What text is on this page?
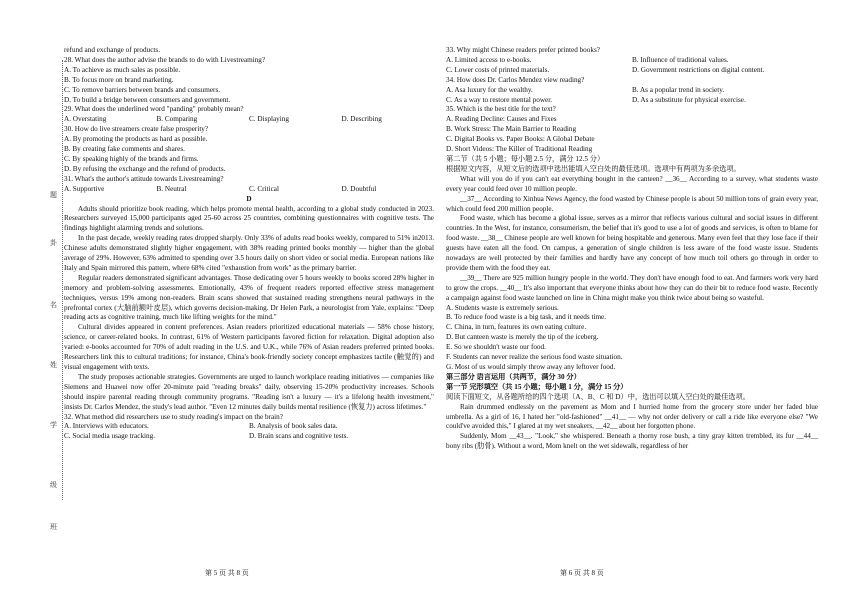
题
卦
名
姓
学
级
班
refund and exchange of products.
28. What does the author advise the brands to do with Livestreaming?
A. To achieve as much sales as possible.
B. To focus more on brand marketing.
C. To remove barriers between brands and consumers.
D. To build a bridge between consumers and government.
29. What does the underlined word "panding" probably mean?
A. Overstating	B. Comparing	C. Displaying	D. Describing
30. How do live streamers create false prosperity?
A. By promoting the products as hard as possible.
B. By creating fake comments and shares.
C. By speaking highly of the brands and firms.
D. By refusing the exchange and the refund of products.
31. What's the author's attitude towards Livestreaming?
A. Supportive	B. Neutral	C. Critical	D. Doubtful
D
Adults should prioritize book reading, which helps promote mental health, according to a global study conducted in 2023. Researchers surveyed 15,000 participants aged 25-60 across 25 countries, combining questionnaires with cognitive tests. The findings highlight alarming trends and solutions.
In the past decade, weekly reading rates dropped sharply. Only 33% of adults read books weekly, compared to 51% in2013. Chinese adults demonstrated slightly higher engagement, with 38% reading printed books monthly — higher than the global average of 29%. However, 63% admitted to spending over 3.5 hours daily on short video or social media. European nations like Italy and Spain mirrored this pattern, where 68% cited "exhaustion from work" as the primary barrier.
Regular readers demonstrated significant advantages. Those dedicating over 5 hours weekly to books scored 28% higher in memory and problem-solving assessments. Emotionally, 43% of frequent readers reported effective stress management techniques, versus 19% among non-readers. Brain scans showed that sustained reading strengthens neural pathways in the prefrontal cortex (大脑前额叶皮层), which governs decision-making. Dr Helen Park, a neurologist from Yale, explains: "Deep reading acts as cognitive training, much like lifting weights for the mind."
Cultural divides appeared in content preferences. Asian readers prioritized educational materials — 58% chose history, science, or career-related books. In contrast, 61% of Western participants favored fiction for relaxation. Digital adoption also varied: e-books accounted for 70% of adult reading in the U.S. and U.K., while 76% of Asian readers preferred printed books. Researchers link this to cultural traditions; for instance, China's book-friendly society concept emphasizes tactile (触觉的) and visual engagement with texts.
The study proposes actionable strategies. Governments are urged to launch workplace reading initiatives — companies like Siemens and Huawei now offer 20-minute paid "reading breaks" daily, observing 15-20% productivity increases. Schools should inspire parental reading through community programs. "Reading isn't a luxury — it's a lifelong health investment," insists Dr. Carlos Mendez, the study's lead author. "Even 12 minutes daily builds mental resilience (恢复力) across lifetimes."
32. What method did researchers use to study reading's impact on the brain?
A. Interviews with educators.	B. Analysis of book sales data.
C. Social media usage tracking.	D. Brain scans and cognitive tests.
33. Why might Chinese readers prefer printed books?
A. Limited access to e-books.	B. Influence of traditional values.
C. Lower costs of printed materials.	D. Government restrictions on digital content.
34. How does Dr. Carlos Mendez view reading?
A. Asa luxury for the wealthy.	B. As a popular trend in society.
C. As a way to restore mental power.	D. As a substitute for physical exercise.
35. Which is the best title for the text?
A. Reading Decline: Causes and Fixes
B. Work Stress: The Main Barrier to Reading
C. Digital Books vs. Paper Books: A Global Debate
D. Short Videos: The Killer of Traditional Reading
第二节（共 5 小题；每小题 2.5 分，满分 12.5 分）
根据短文内容，从短文后的选项中选出能填入空白处的最佳选项。选项中有两项为多余选项。
What will you do if you can't eat everything bought in the canteen? __36__ According to a survey, what students waste every year could feed over 10 million people.
__37__ According to Xinhua News Agency, the food wasted by Chinese people is about 50 million tons of grain every year, which could feed 200 million people.
Food waste, which has become a global issue, serves as a mirror that reflects various cultural and social issues in different countries. In the West, for instance, consumerism, the belief that it's good to use a lot of goods and services, is often to blame for food waste. __38__ Chinese people are well known for being hospitable and generous. Many even feel that they lose face if their guests have eaten all the food. On campus, a generation of single children is less aware of the food waste issue. Students nowadays are well protected by their families and hardly have any concept of how much toil others go through in order to provide them with the food they eat.
__39__ There are 925 million hungry people in the world. They don't have enough food to eat. And farmers work very hard to grow the crops. __40__ It's also important that everyone thinks about how they can do their bit to reduce food waste. Recently a campaign against food waste launched on line in China might make you think twice about being so wasteful.
A. Students waste is extremely serious.
B. To reduce food waste is a big task, and it needs time.
C. China, in turn, features its own eating culture.
D. But canteen waste is merely the tip of the iceberg.
E. So we shouldn't waste our food.
F. Students can never realize the serious food waste situation.
G. Most of us would simply throw away any leftover food.
第三部分 语言运用（共两节，满分 30 分）
第一节 完形填空（共 15 小题；每小题 1 分，满分 15 分）
阅读下面短文，从各题所给的四个选项（A、B、C 和 D）中，选出可以填入空白处的最佳选项。
Rain drummed endlessly on the pavement as Mom and I hurried home from the grocery store under her faded blue umbrella. As a girl of 16, I hated her "old-fashioned" __41__ — why not order delivery or call a ride like everyone else? "We could've avoided this," I glared at my wet sneakers, __42__ about her forgotten phone.
Suddenly, Mom __43__. "Look," she whispered. Beneath a thorny rose bush, a tiny gray kitten trembled, its fur __44__ bony ribs (肋骨). Without a word, Mom knelt on the wet sidewalk, regardless of her
第 5 页 共 8 页	第 6 页 共 8 页
